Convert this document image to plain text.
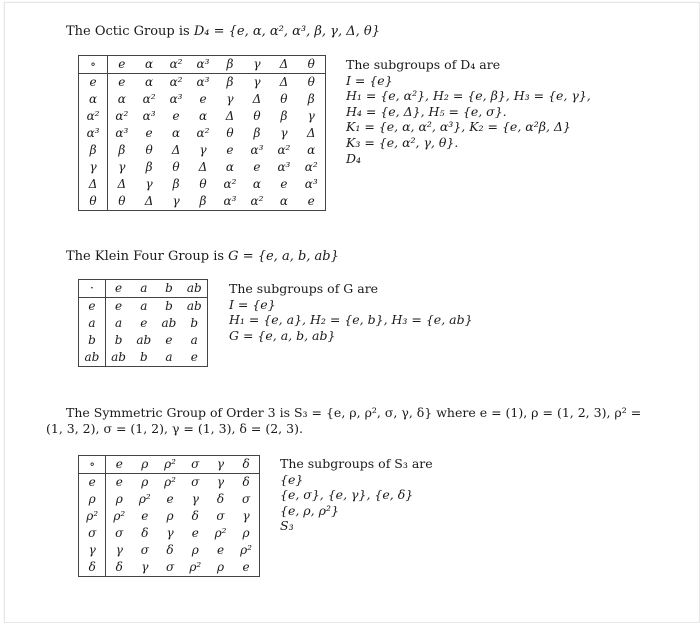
The Octic Group is D₄ = {e, α, α², α³, β, γ, Δ, θ}
∘	e	α	α²	α³	β	γ	Δ	θ
e	e	α	α²	α³	β	γ	Δ	θ
α	α	α²	α³	e	γ	Δ	θ	β
α²	α²	α³	e	α	Δ	θ	β	γ
α³	α³	e	α	α²	θ	β	γ	Δ
β	β	θ	Δ	γ	e	α³	α²	α
γ	γ	β	θ	Δ	α	e	α³	α²
Δ	Δ	γ	β	θ	α²	α	e	α³
θ	θ	Δ	γ	β	α³	α²	α	e
The subgroups of D₄ are
I = {e}
H₁ = {e, α²}, H₂ = {e, β}, H₃ = {e, γ},
H₄ = {e, Δ}, H₅ = {e, σ}.
K₁ = {e, α, α², α³}, K₂ = {e, α²β, Δ}
K₃ = {e, α², γ, θ}.
D₄
The Klein Four Group is G = {e, a, b, ab}
·	e	a	b	ab
e	e	a	b	ab
a	a	e	ab	b
b	b	ab	e	a
ab	ab	b	a	e
The subgroups of G are
I = {e}
H₁ = {e, a}, H₂ = {e, b}, H₃ = {e, ab}
G = {e, a, b, ab}
The Symmetric Group of Order 3 is S₃ = {e, ρ, ρ², σ, γ, δ} where e = (1), ρ = (1, 2, 3), ρ² =
(1, 3, 2), σ = (1, 2), γ = (1, 3), δ = (2, 3).
∘	e	ρ	ρ²	σ	γ	δ
e	e	ρ	ρ²	σ	γ	δ
ρ	ρ	ρ²	e	γ	δ	σ
ρ²	ρ²	e	ρ	δ	σ	γ
σ	σ	δ	γ	e	ρ²	ρ
γ	γ	σ	δ	ρ	e	ρ²
δ	δ	γ	σ	ρ²	ρ	e
The subgroups of S₃ are
{e}
{e, σ}, {e, γ}, {e, δ}
{e, ρ, ρ²}
S₃
